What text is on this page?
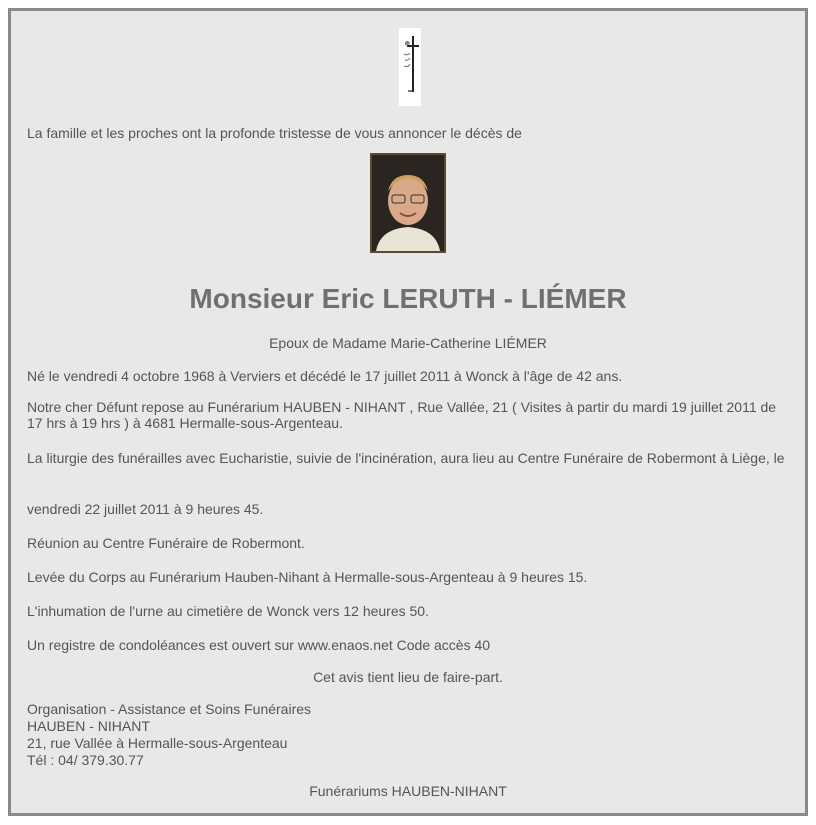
La famille et les proches ont la profonde tristesse de vous annoncer le décès de
Monsieur Eric LERUTH - LIÉMER
Epoux de Madame Marie-Catherine LIÉMER
Né le vendredi 4 octobre 1968 à Verviers et décédé le 17 juillet 2011 à Wonck à l'âge de 42 ans.
Notre cher Défunt repose au Funérarium HAUBEN - NIHANT , Rue Vallée, 21 ( Visites à partir du mardi 19 juillet 2011 de 17 hrs à 19 hrs ) à 4681 Hermalle-sous-Argenteau.
La liturgie des funérailles avec Eucharistie, suivie de l'incinération, aura lieu au Centre Funéraire de Robermont à Liège, le
vendredi 22 juillet 2011 à 9 heures 45.
Réunion au Centre Funéraire de Robermont.
Levée du Corps au Funérarium Hauben-Nihant à Hermalle-sous-Argenteau à 9 heures 15.
L'inhumation de l'urne au cimetière de Wonck vers 12 heures 50.
Un registre de condoléances est ouvert sur www.enaos.net Code accès 40
Cet avis tient lieu de faire-part.
Organisation - Assistance et Soins Funéraires
HAUBEN - NIHANT
21, rue Vallée à Hermalle-sous-Argenteau
Tél : 04/ 379.30.77
Funérariums HAUBEN-NIHANT
